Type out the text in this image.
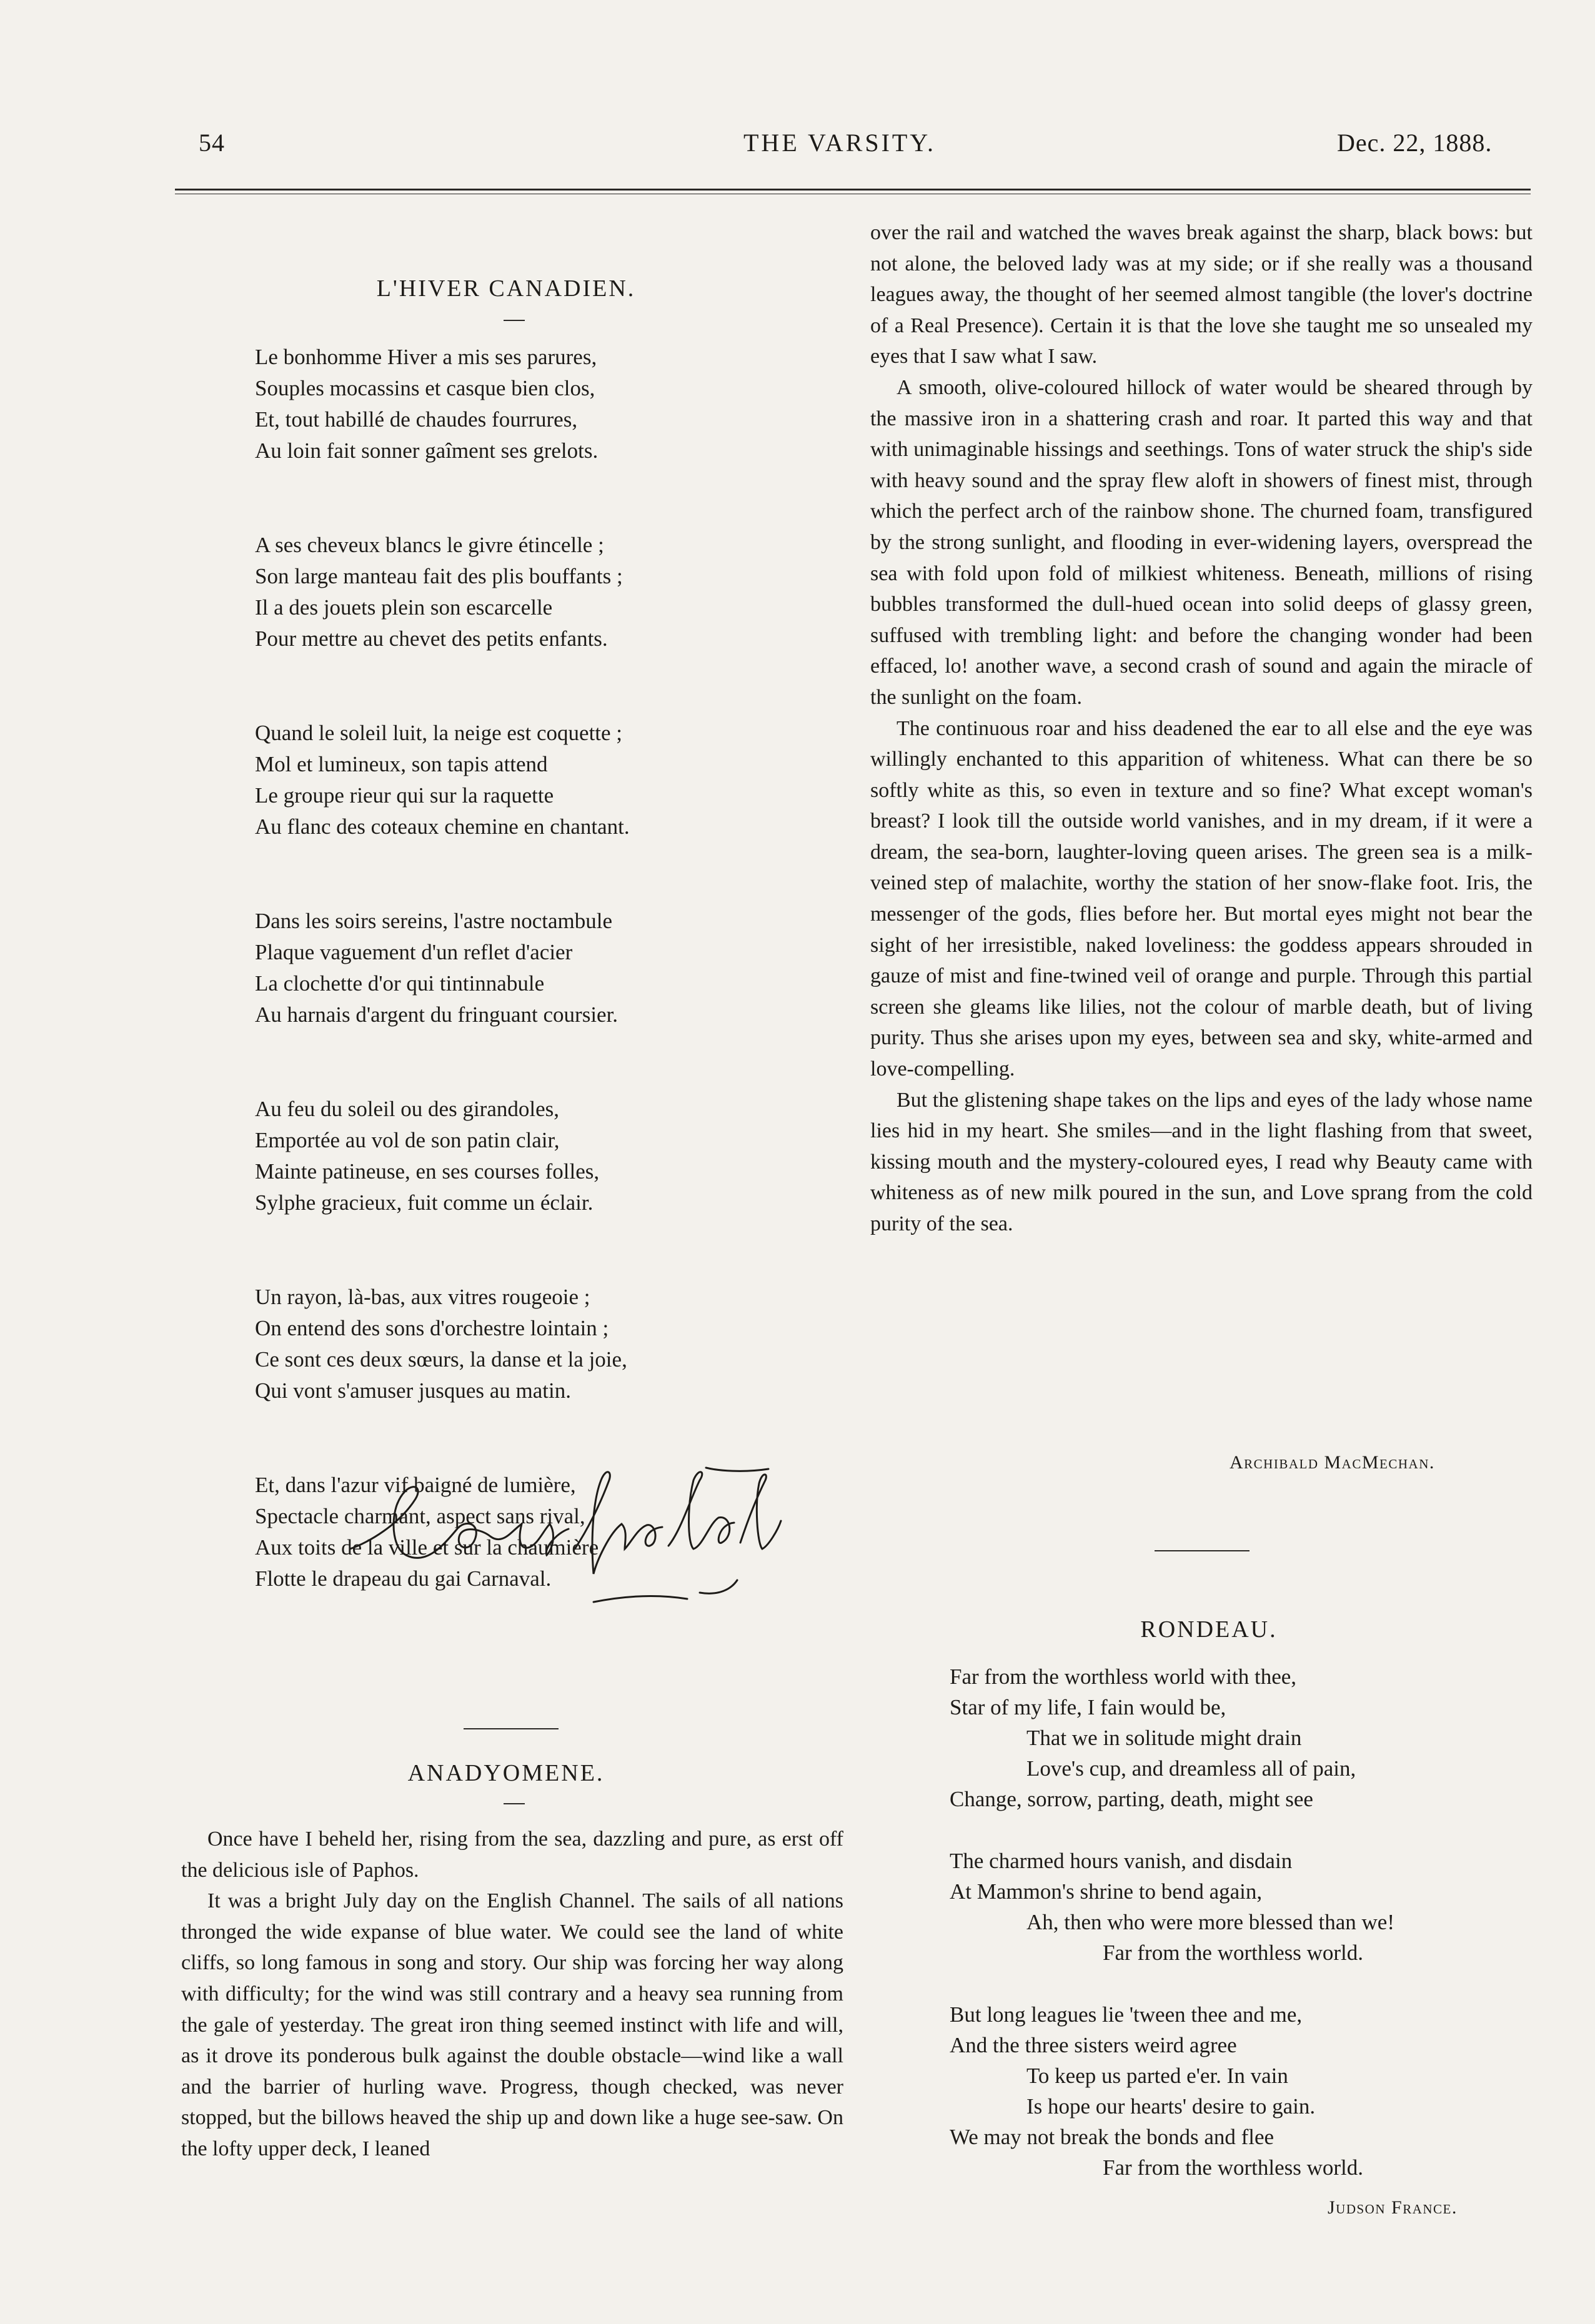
54	THE VARSITY.	Dec. 22, 1888.
L'HIVER CANADIEN.
Le bonhomme Hiver a mis ses parures,
Souples mocassins et casque bien clos,
Et, tout habillé de chaudes fourrures,
Au loin fait sonner gaîment ses grelots.
A ses cheveux blancs le givre étincelle ;
Son large manteau fait des plis bouffants ;
Il a des jouets plein son escarcelle
Pour mettre au chevet des petits enfants.
Quand le soleil luit, la neige est coquette ;
Mol et lumineux, son tapis attend
Le groupe rieur qui sur la raquette
Au flanc des coteaux chemine en chantant.
Dans les soirs sereins, l'astre noctambule
Plaque vaguement d'un reflet d'acier
La clochette d'or qui tintinnabule
Au harnais d'argent du fringuant coursier.
Au feu du soleil ou des girandoles,
Emportée au vol de son patin clair,
Mainte patineuse, en ses courses folles,
Sylphe gracieux, fuit comme un éclair.
Un rayon, là-bas, aux vitres rougeoie ;
On entend des sons d'orchestre lointain ;
Ce sont ces deux sœurs, la danse et la joie,
Qui vont s'amuser jusques au matin.
Et, dans l'azur vif baigné de lumière,
Spectacle charmant, aspect sans rival,
Aux toits de la ville et sur la chaumière
Flotte le drapeau du gai Carnaval.
ANADYOMENE.

Once have I beheld her, rising from the sea, dazzling and pure, as erst off the delicious isle of Paphos.

It was a bright July day on the English Channel. The sails of all nations thronged the wide expanse of blue water. We could see the land of white cliffs, so long famous in song and story. Our ship was forcing her way along with difficulty; for the wind was still contrary and a heavy sea running from the gale of yesterday. The great iron thing seemed instinct with life and will, as it drove its ponderous bulk against the double obstacle—wind like a wall and the barrier of hurling wave. Progress, though checked, was never stopped, but the billows heaved the ship up and down like a huge see-saw. On the lofty upper deck, I leaned

over the rail and watched the waves break against the sharp, black bows: but not alone, the beloved lady was at my side; or if she really was a thousand leagues away, the thought of her seemed almost tangible (the lover's doctrine of a Real Presence). Certain it is that the love she taught me so unsealed my eyes that I saw what I saw.

A smooth, olive-coloured hillock of water would be sheared through by the massive iron in a shattering crash and roar. It parted this way and that with unimaginable hissings and seethings. Tons of water struck the ship's side with heavy sound and the spray flew aloft in showers of finest mist, through which the perfect arch of the rainbow shone. The churned foam, transfigured by the strong sunlight, and flooding in ever-widening layers, overspread the sea with fold upon fold of milkiest whiteness. Beneath, millions of rising bubbles transformed the dull-hued ocean into solid deeps of glassy green, suffused with trembling light: and before the changing wonder had been effaced, lo! another wave, a second crash of sound and again the miracle of the sunlight on the foam.

The continuous roar and hiss deadened the ear to all else and the eye was willingly enchanted to this apparition of whiteness. What can there be so softly white as this, so even in texture and so fine? What except woman's breast? I look till the outside world vanishes, and in my dream, if it were a dream, the sea-born, laughter-loving queen arises. The green sea is a milk-veined step of malachite, worthy the station of her snow-flake foot. Iris, the messenger of the gods, flies before her. But mortal eyes might not bear the sight of her irresistible, naked loveliness: the goddess appears shrouded in gauze of mist and fine-twined veil of orange and purple. Through this partial screen she gleams like lilies, not the colour of marble death, but of living purity. Thus she arises upon my eyes, between sea and sky, white-armed and love-compelling.

But the glistening shape takes on the lips and eyes of the lady whose name lies hid in my heart. She smiles—and in the light flashing from that sweet, kissing mouth and the mystery-coloured eyes, I read why Beauty came with whiteness as of new milk poured in the sun, and Love sprang from the cold purity of the sea.

Archibald MacMechan.
RONDEAU.
Far from the worthless world with thee,
Star of my life, I fain would be,
That we in solitude might drain
Love's cup, and dreamless all of pain,
Change, sorrow, parting, death, might see
The charmed hours vanish, and disdain
At Mammon's shrine to bend again,
Ah, then who were more blessed than we!
Far from the worthless world.
But long leagues lie 'tween thee and me,
And the three sisters weird agree
To keep us parted e'er. In vain
Is hope our hearts' desire to gain.
We may not break the bonds and flee
Far from the worthless world.
Judson France.
